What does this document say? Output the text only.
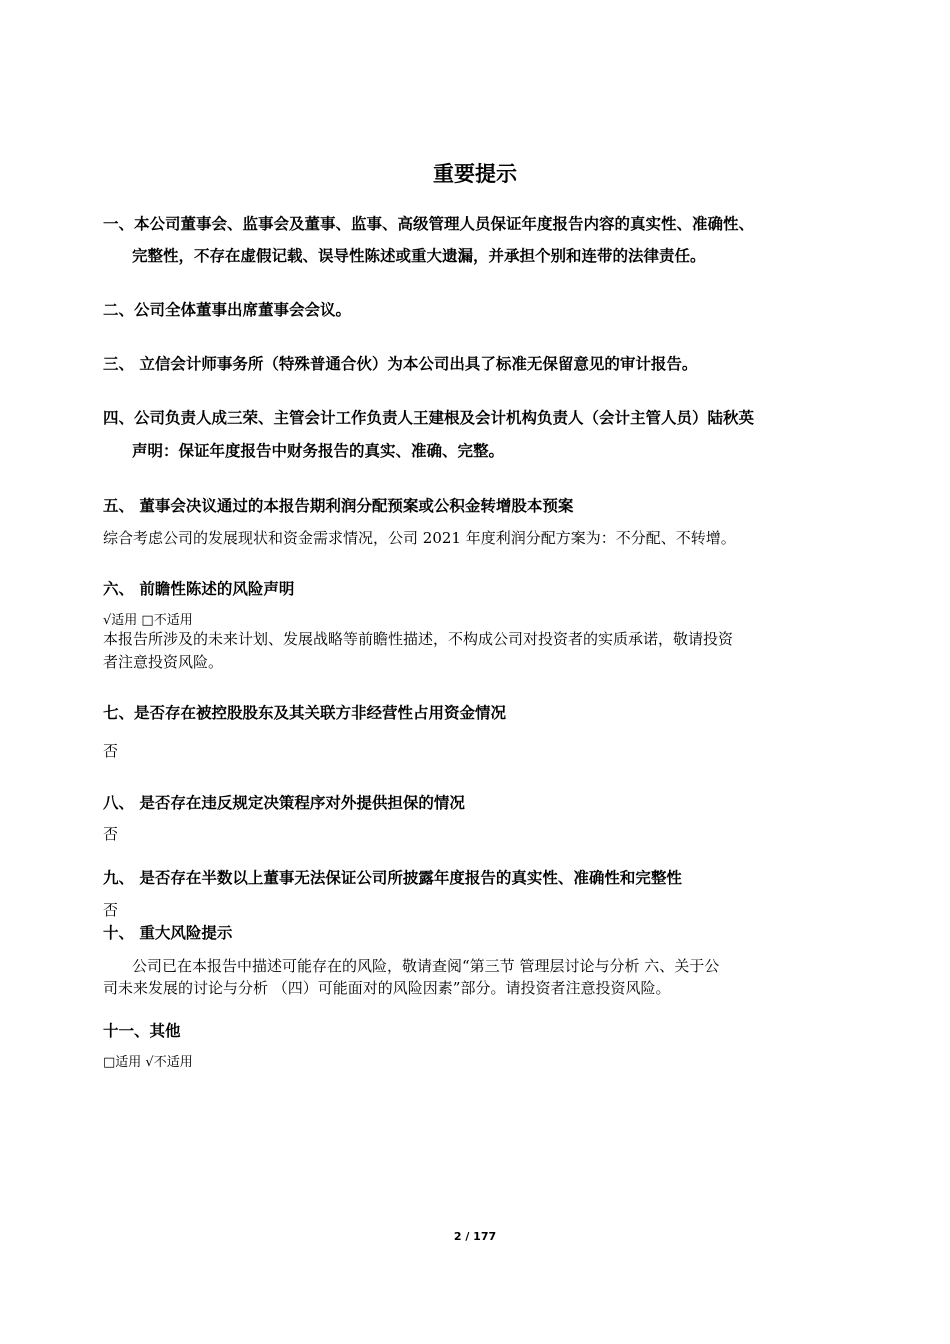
重要提示
一、本公司董事会、监事会及董事、监事、高级管理人员保证年度报告内容的真实性、准确性、
完整性，不存在虚假记载、误导性陈述或重大遗漏，并承担个别和连带的法律责任。
二、公司全体董事出席董事会会议。
三、 立信会计师事务所（特殊普通合伙）为本公司出具了标准无保留意见的审计报告。
四、公司负责人成三荣、主管会计工作负责人王建根及会计机构负责人（会计主管人员）陆秋英
声明：保证年度报告中财务报告的真实、准确、完整。
五、 董事会决议通过的本报告期利润分配预案或公积金转增股本预案
综合考虑公司的发展现状和资金需求情况，公司 2021 年度利润分配方案为：不分配、不转增。
六、 前瞻性陈述的风险声明
√适用 □不适用
本报告所涉及的未来计划、发展战略等前瞻性描述，不构成公司对投资者的实质承诺，敬请投资
者注意投资风险。
七、是否存在被控股股东及其关联方非经营性占用资金情况
否
八、 是否存在违反规定决策程序对外提供担保的情况
否
九、 是否存在半数以上董事无法保证公司所披露年度报告的真实性、准确性和完整性
否
十、 重大风险提示
公司已在本报告中描述可能存在的风险，敬请查阅“第三节 管理层讨论与分析 六、关于公
司未来发展的讨论与分析 （四）可能面对的风险因素”部分。请投资者注意投资风险。
十一、其他
□适用 √不适用
2 / 177
